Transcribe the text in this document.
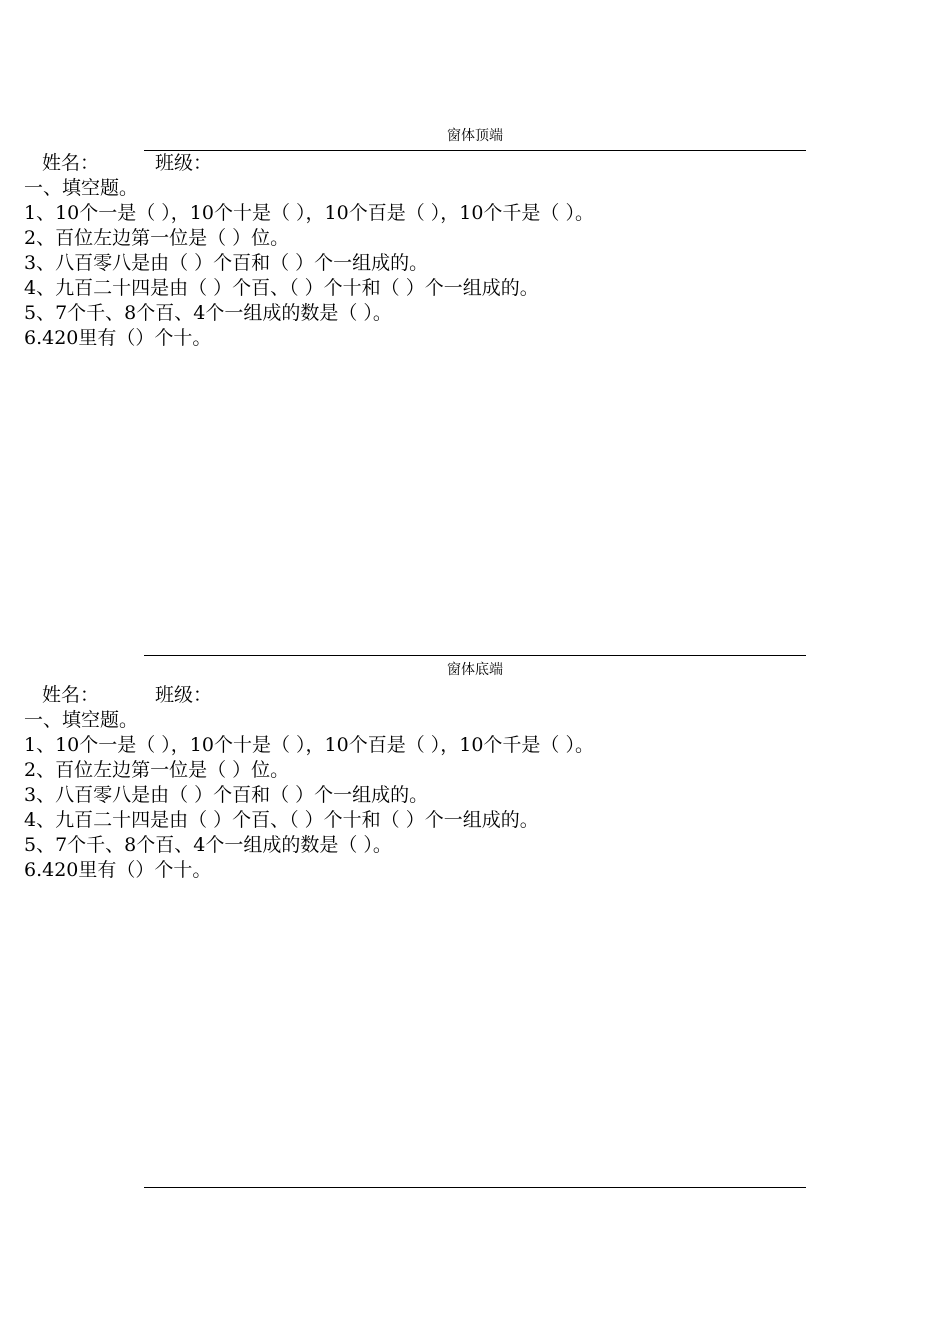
窗体顶端
姓名：	班级：
一、填空题。
1、10个一是（ ），10个十是（ ），10个百是（ ），10个千是（ ）。
2、百位左边第一位是（ ）位。
3、八百零八是由（ ）个百和（ ）个一组成的。
4、九百二十四是由（ ）个百、（ ）个十和（ ）个一组成的。
5、7个千、8个百、4个一组成的数是（ ）。
6.420里有（）个十。
窗体底端
姓名：	班级：
一、填空题。
1、10个一是（ ），10个十是（ ），10个百是（ ），10个千是（ ）。
2、百位左边第一位是（ ）位。
3、八百零八是由（ ）个百和（ ）个一组成的。
4、九百二十四是由（ ）个百、（ ）个十和（ ）个一组成的。
5、7个千、8个百、4个一组成的数是（ ）。
6.420里有（）个十。
